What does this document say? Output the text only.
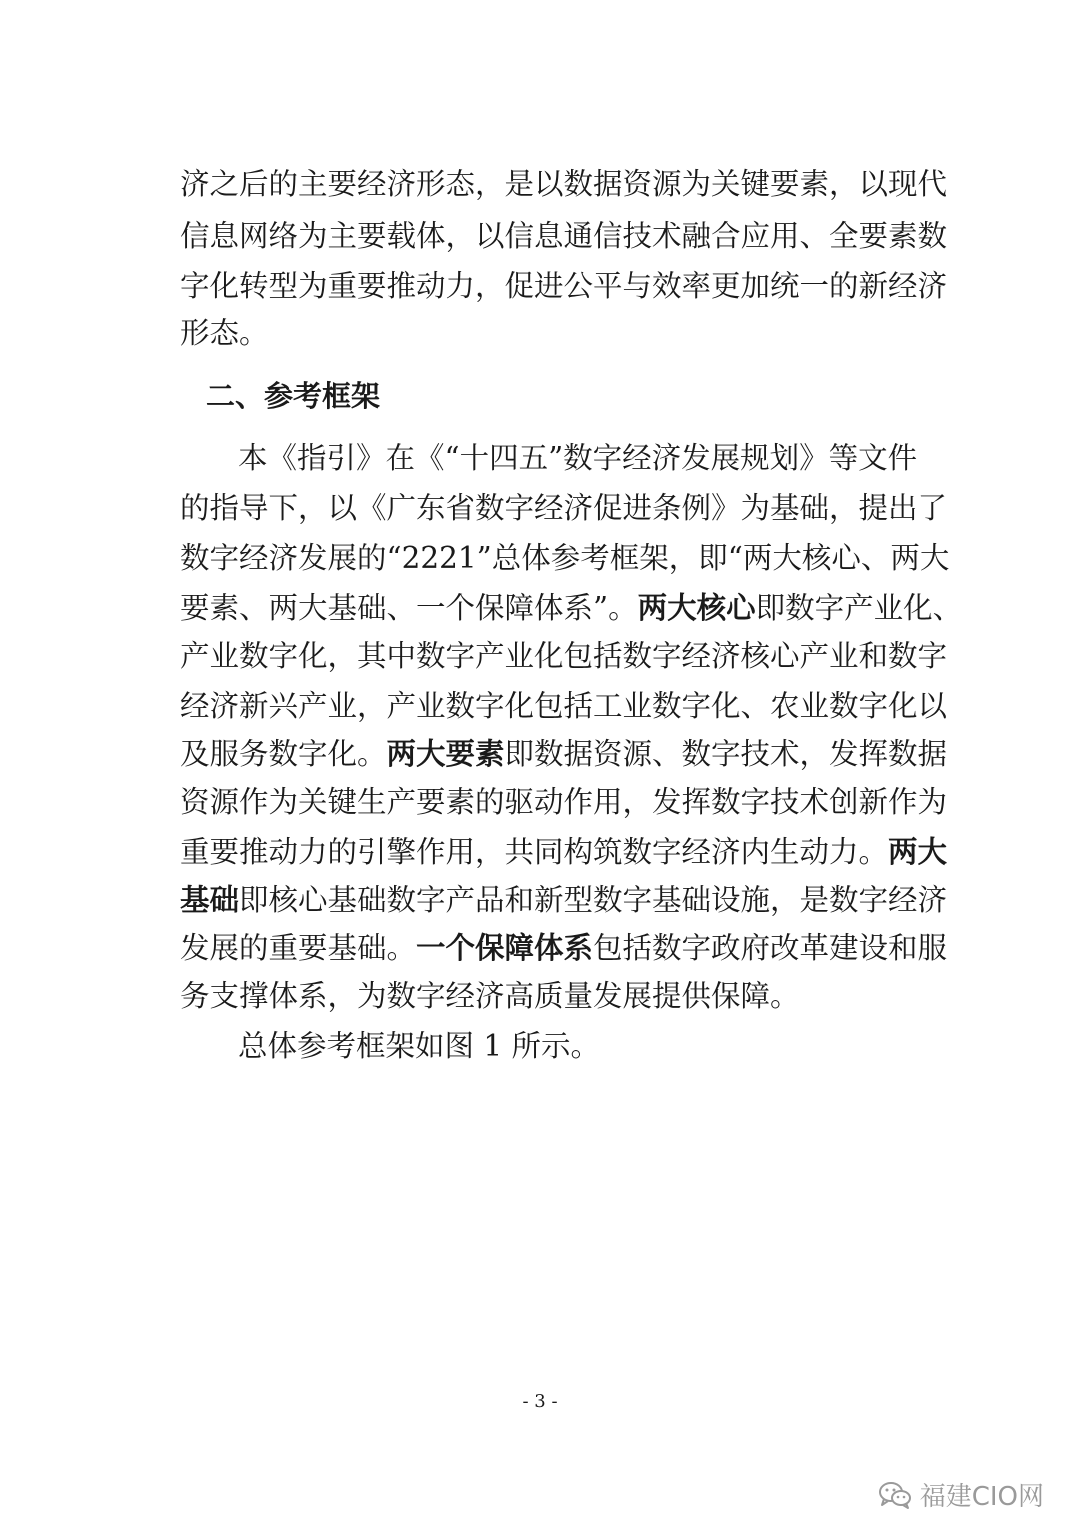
济之后的主要经济形态，是以数据资源为关键要素，以现代
信息网络为主要载体，以信息通信技术融合应用、全要素数
字化转型为重要推动力，促进公平与效率更加统一的新经济
形态。
二、参考框架
本《指引》在《“十四五”数字经济发展规划》等文件
的指导下，以《广东省数字经济促进条例》为基础，提出了
数字经济发展的“2221”总体参考框架，即“两大核心、两大
要素、两大基础、一个保障体系”。两大核心即数字产业化、
产业数字化，其中数字产业化包括数字经济核心产业和数字
经济新兴产业，产业数字化包括工业数字化、农业数字化以
及服务数字化。两大要素即数据资源、数字技术，发挥数据
资源作为关键生产要素的驱动作用，发挥数字技术创新作为
重要推动力的引擎作用，共同构筑数字经济内生动力。两大
基础即核心基础数字产品和新型数字基础设施，是数字经济
发展的重要基础。一个保障体系包括数字政府改革建设和服
务支撑体系，为数字经济高质量发展提供保障。
总体参考框架如图 1 所示。
- 3 -
福建CIO网
